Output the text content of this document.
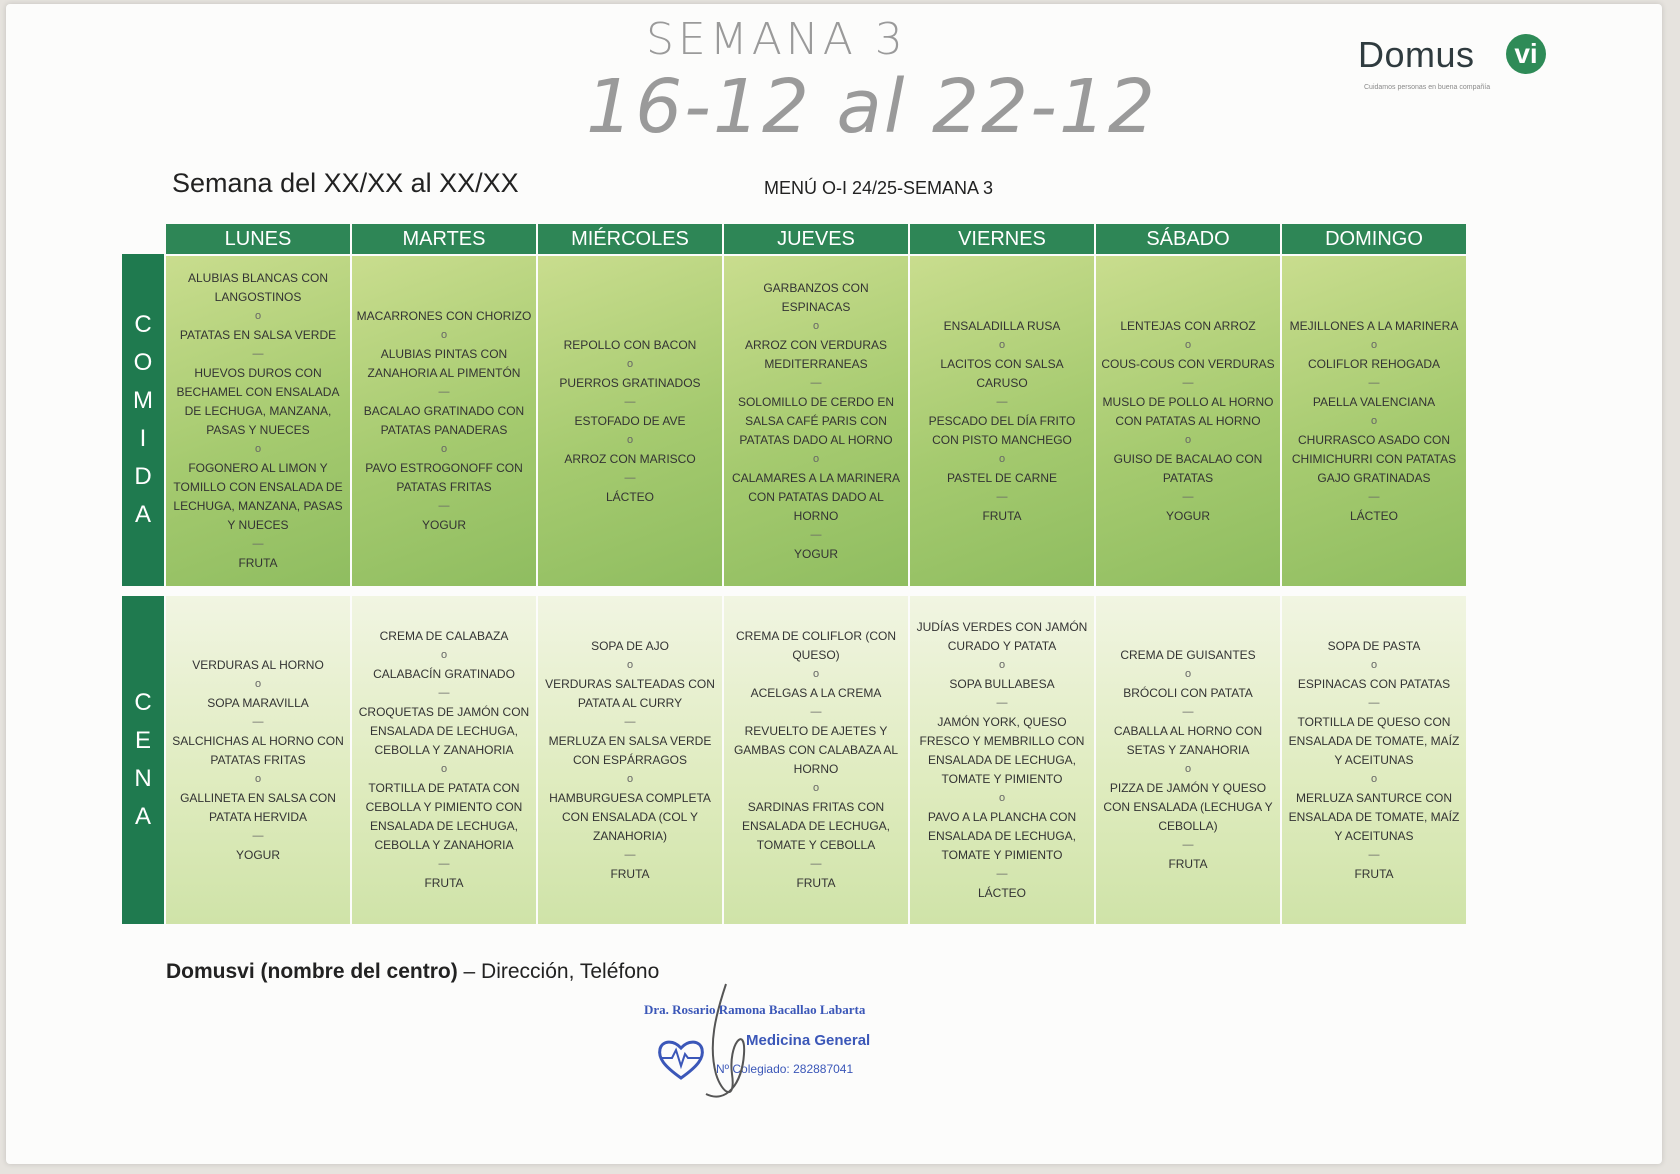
SEMANA 3
16-12 al 22-12
Domus vi
Cuidamos personas en buena compañía
Semana del XX/XX al XX/XX	MENÚ O-I 24/25-SEMANA 3
C
O
M
I
D
A
C
E
N
A
LUNES
ALUBIAS BLANCAS CON LANGOSTINOS
o
PATATAS EN SALSA VERDE
—
HUEVOS DUROS CON BECHAMEL CON ENSALADA DE LECHUGA, MANZANA, PASAS Y NUECES
o
FOGONERO AL LIMON Y TOMILLO CON ENSALADA DE LECHUGA, MANZANA, PASAS Y NUECES
—
FRUTA
VERDURAS AL HORNO
o
SOPA MARAVILLA
—
SALCHICHAS AL HORNO CON PATATAS FRITAS
o
GALLINETA EN SALSA CON PATATA HERVIDA
—
YOGUR
MARTES
MACARRONES CON CHORIZO
o
ALUBIAS PINTAS CON ZANAHORIA AL PIMENTÓN
—
BACALAO GRATINADO CON PATATAS PANADERAS
o
PAVO ESTROGONOFF CON PATATAS FRITAS
—
YOGUR
CREMA DE CALABAZA
o
CALABACÍN GRATINADO
—
CROQUETAS DE JAMÓN CON ENSALADA DE LECHUGA, CEBOLLA Y ZANAHORIA
o
TORTILLA DE PATATA CON CEBOLLA Y PIMIENTO CON ENSALADA DE LECHUGA, CEBOLLA Y ZANAHORIA
—
FRUTA
MIÉRCOLES
REPOLLO CON BACON
o
PUERROS GRATINADOS
—
ESTOFADO DE AVE
o
ARROZ CON MARISCO
—
LÁCTEO
SOPA DE AJO
o
VERDURAS SALTEADAS CON PATATA AL CURRY
—
MERLUZA EN SALSA VERDE CON ESPÁRRAGOS
o
HAMBURGUESA COMPLETA CON ENSALADA (COL Y ZANAHORIA)
—
FRUTA
JUEVES
GARBANZOS CON ESPINACAS
o
ARROZ CON VERDURAS MEDITERRANEAS
—
SOLOMILLO DE CERDO EN SALSA CAFÉ PARIS CON PATATAS DADO AL HORNO
o
CALAMARES A LA MARINERA CON PATATAS DADO AL HORNO
—
YOGUR
CREMA DE COLIFLOR (CON QUESO)
o
ACELGAS A LA CREMA
—
REVUELTO DE AJETES Y GAMBAS CON CALABAZA AL HORNO
o
SARDINAS FRITAS CON ENSALADA DE LECHUGA, TOMATE Y CEBOLLA
—
FRUTA
VIERNES
ENSALADILLA RUSA
o
LACITOS CON SALSA CARUSO
—
PESCADO DEL DÍA FRITO CON PISTO MANCHEGO
o
PASTEL DE CARNE
—
FRUTA
JUDÍAS VERDES CON JAMÓN CURADO Y PATATA
o
SOPA BULLABESA
—
JAMÓN YORK, QUESO FRESCO Y MEMBRILLO CON ENSALADA DE LECHUGA, TOMATE Y PIMIENTO
o
PAVO A LA PLANCHA CON ENSALADA DE LECHUGA, TOMATE Y PIMIENTO
—
LÁCTEO
SÁBADO
LENTEJAS CON ARROZ
o
COUS-COUS CON VERDURAS
—
MUSLO DE POLLO AL HORNO CON PATATAS AL HORNO
o
GUISO DE BACALAO CON PATATAS
—
YOGUR
CREMA DE GUISANTES
o
BRÓCOLI CON PATATA
—
CABALLA AL HORNO CON SETAS Y ZANAHORIA
o
PIZZA DE JAMÓN Y QUESO CON ENSALADA (LECHUGA Y CEBOLLA)
—
FRUTA
DOMINGO
MEJILLONES A LA MARINERA
o
COLIFLOR REHOGADA
—
PAELLA VALENCIANA
o
CHURRASCO ASADO CON CHIMICHURRI CON PATATAS GAJO GRATINADAS
—
LÁCTEO
SOPA DE PASTA
o
ESPINACAS CON PATATAS
—
TORTILLA DE QUESO CON ENSALADA DE TOMATE, MAÍZ Y ACEITUNAS
o
MERLUZA SANTURCE CON ENSALADA DE TOMATE, MAÍZ Y ACEITUNAS
—
FRUTA
Domusvi (nombre del centro) – Dirección, Teléfono
Dra. Rosario Ramona Bacallao Labarta
Medicina General
Nº Colegiado: 282887041
